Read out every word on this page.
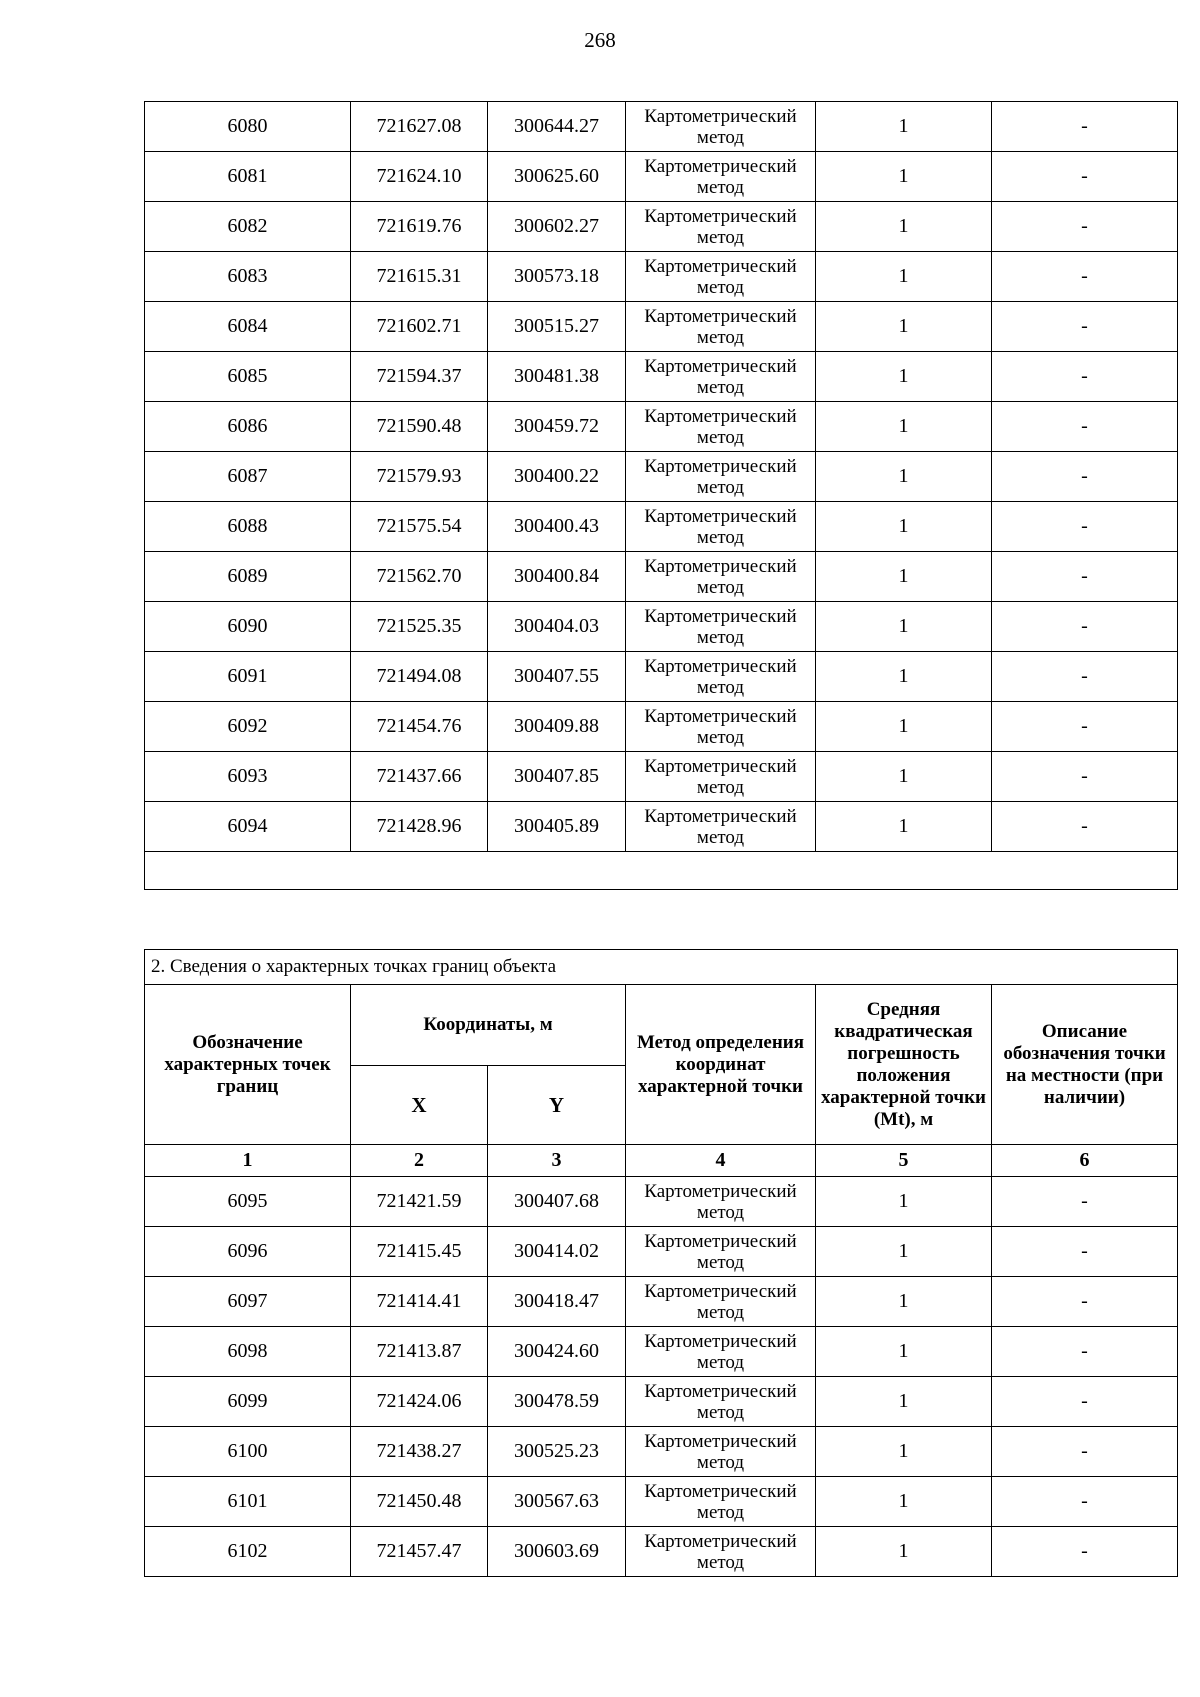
268
6080	721627.08	300644.27	Картометрический метод	1	-
6081	721624.10	300625.60	Картометрический метод	1	-
6082	721619.76	300602.27	Картометрический метод	1	-
6083	721615.31	300573.18	Картометрический метод	1	-
6084	721602.71	300515.27	Картометрический метод	1	-
6085	721594.37	300481.38	Картометрический метод	1	-
6086	721590.48	300459.72	Картометрический метод	1	-
6087	721579.93	300400.22	Картометрический метод	1	-
6088	721575.54	300400.43	Картометрический метод	1	-
6089	721562.70	300400.84	Картометрический метод	1	-
6090	721525.35	300404.03	Картометрический метод	1	-
6091	721494.08	300407.55	Картометрический метод	1	-
6092	721454.76	300409.88	Картометрический метод	1	-
6093	721437.66	300407.85	Картометрический метод	1	-
6094	721428.96	300405.89	Картометрический метод	1	-

2. Сведения о характерных точках границ объекта					
Обозначение характерных точек границ	Координаты, м		Метод определения координат характерной точки	Средняя квадратическая погрешность положения характерной точки (Mt), м	Описание обозначения точки на местности (при наличии)
	X	Y			
1	2	3	4	5	6
6095	721421.59	300407.68	Картометрический метод	1	-
6096	721415.45	300414.02	Картометрический метод	1	-
6097	721414.41	300418.47	Картометрический метод	1	-
6098	721413.87	300424.60	Картометрический метод	1	-
6099	721424.06	300478.59	Картометрический метод	1	-
6100	721438.27	300525.23	Картометрический метод	1	-
6101	721450.48	300567.63	Картометрический метод	1	-
6102	721457.47	300603.69	Картометрический метод	1	-
